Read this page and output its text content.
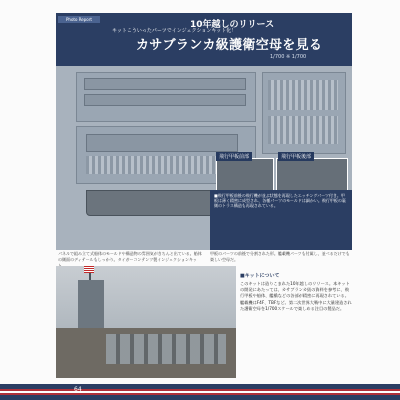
Photo Report
10年越しのリリース
キットこういったパーツでインジェクションキット化！
カサブランカ級護衛空母を見る
1/700 ※ 1/700
飛行甲板前部	飛行甲板後部
■飛行甲板前後の飛行機が並ぶ状態を再現したエッチングパーツ付き。甲板は薄く精密に成型され、各種パーツのモールドは細かい。飛行甲板の裏側のトラス構造も再現されている。
パネルで組み立て式船体のモールドや構造物の雰囲気がきちんと出ている。船体の側面のディテールもしっかり。タイガーコンテンツ製インジェクションキッ
甲板のパーツの前後で分割された形。艦載機パーツも付属し、並べるだけでも楽しい空母だ。
■キットについて
このキットは造りこまれた10年越しのリリース。本キットの開発にあたっては、カサブランカ級の資料を参考に、飛行甲板や船体、艦橋などの各部が精密に再現されている。艦載機はF4F、TBFなど。第二次世界大戦中に大量建造された護衛空母を1/700スケールで楽しめる注目の製品だ。
64
